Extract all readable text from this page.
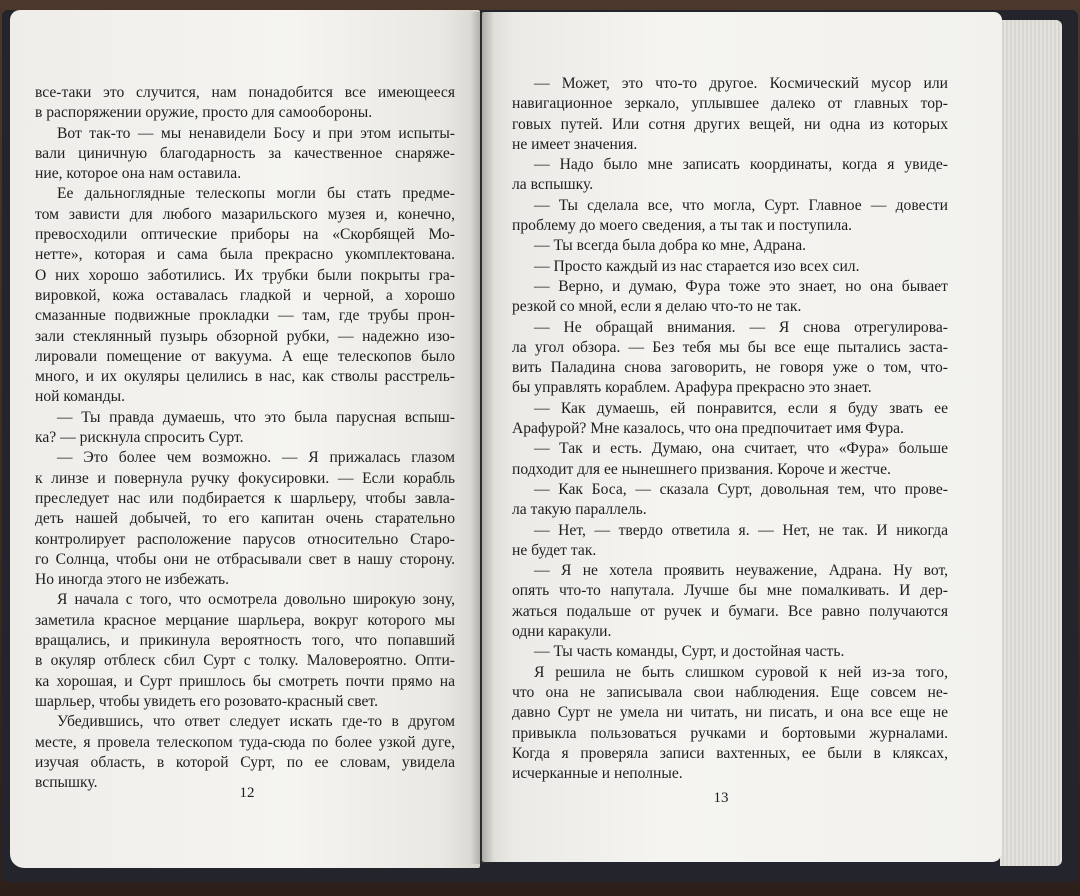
все-таки это случится, нам понадобится все имеющееся
в распоряжении оружие, просто для самообороны.
Вот так-то — мы ненавидели Босу и при этом испыты-
вали циничную благодарность за качественное снаряже-
ние, которое она нам оставила.
Ее дальноглядные телескопы могли бы стать предме-
том зависти для любого мазарильского музея и, конечно,
превосходили оптические приборы на «Скорбящей Мо-
нетте», которая и сама была прекрасно укомплектована.
О них хорошо заботились. Их трубки были покрыты гра-
вировкой, кожа оставалась гладкой и черной, а хорошо
смазанные подвижные прокладки — там, где трубы прон-
зали стеклянный пузырь обзорной рубки, — надежно изо-
лировали помещение от вакуума. А еще телескопов было
много, и их окуляры целились в нас, как стволы расстрель-
ной команды.
— Ты правда думаешь, что это была парусная вспыш-
ка? — рискнула спросить Сурт.
— Это более чем возможно. — Я прижалась глазом
к линзе и повернула ручку фокусировки. — Если корабль
преследует нас или подбирается к шарльеру, чтобы завла-
деть нашей добычей, то его капитан очень старательно
контролирует расположение парусов относительно Старо-
го Солнца, чтобы они не отбрасывали свет в нашу сторону.
Но иногда этого не избежать.
Я начала с того, что осмотрела довольно широкую зону,
заметила красное мерцание шарльера, вокруг которого мы
вращались, и прикинула вероятность того, что попавший
в окуляр отблеск сбил Сурт с толку. Маловероятно. Опти-
ка хорошая, и Сурт пришлось бы смотреть почти прямо на
шарльер, чтобы увидеть его розовато-красный свет.
Убедившись, что ответ следует искать где-то в другом
месте, я провела телескопом туда-сюда по более узкой дуге,
изучая область, в которой Сурт, по ее словам, увидела
вспышку.
12
— Может, это что-то другое. Космический мусор или
навигационное зеркало, уплывшее далеко от главных тор-
говых путей. Или сотня других вещей, ни одна из которых
не имеет значения.
— Надо было мне записать координаты, когда я увиде-
ла вспышку.
— Ты сделала все, что могла, Сурт. Главное — довести
проблему до моего сведения, а ты так и поступила.
— Ты всегда была добра ко мне, Адрана.
— Просто каждый из нас старается изо всех сил.
— Верно, и думаю, Фура тоже это знает, но она бывает
резкой со мной, если я делаю что-то не так.
— Не обращай внимания. — Я снова отрегулирова-
ла угол обзора. — Без тебя мы бы все еще пытались заста-
вить Паладина снова заговорить, не говоря уже о том, что-
бы управлять кораблем. Арафура прекрасно это знает.
— Как думаешь, ей понравится, если я буду звать ее
Арафурой? Мне казалось, что она предпочитает имя Фура.
— Так и есть. Думаю, она считает, что «Фура» больше
подходит для ее нынешнего призвания. Короче и жестче.
— Как Боса, — сказала Сурт, довольная тем, что прове-
ла такую параллель.
— Нет, — твердо ответила я. — Нет, не так. И никогда
не будет так.
— Я не хотела проявить неуважение, Адрана. Ну вот,
опять что-то напутала. Лучше бы мне помалкивать. И дер-
жаться подальше от ручек и бумаги. Все равно получаются
одни каракули.
— Ты часть команды, Сурт, и достойная часть.
Я решила не быть слишком суровой к ней из-за того,
что она не записывала свои наблюдения. Еще совсем не-
давно Сурт не умела ни читать, ни писать, и она все еще не
привыкла пользоваться ручками и бортовыми журналами.
Когда я проверяла записи вахтенных, ее были в кляксах,
исчерканные и неполные.
13
